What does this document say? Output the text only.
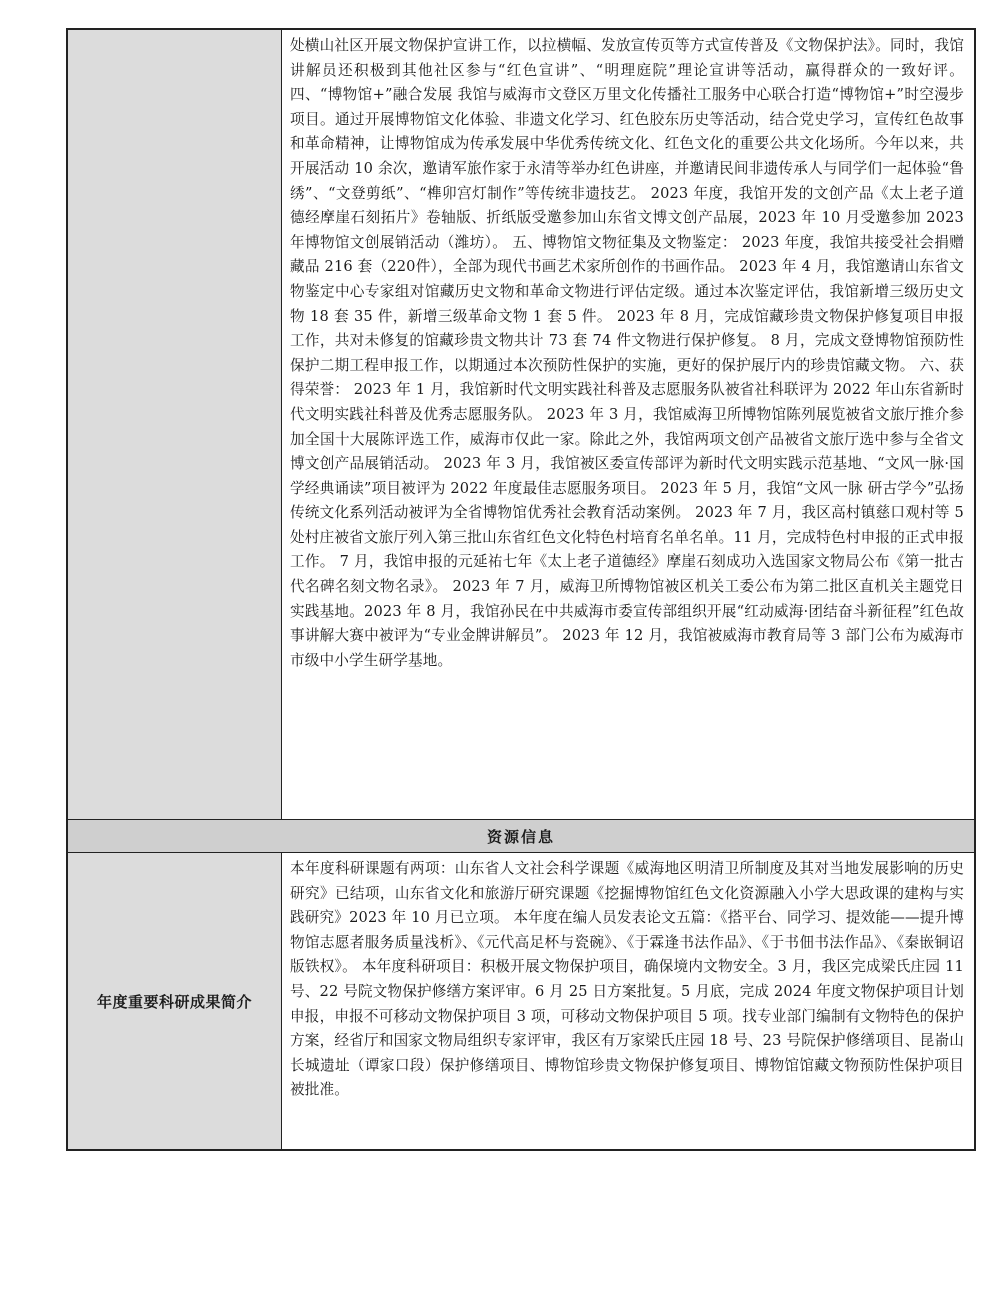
处横山社区开展文物保护宣讲工作，以拉横幅、发放宣传页等方式宣传普及《文物保护法》。同时，我馆讲解员还积极到其他社区参与“红色宣讲”、“明理庭院”理论宣讲等活动，赢得群众的一致好评。 四、“博物馆+”融合发展 我馆与威海市文登区万里文化传播社工服务中心联合打造“博物馆+”时空漫步项目。通过开展博物馆文化体验、非遗文化学习、红色胶东历史等活动，结合党史学习，宣传红色故事和革命精神，让博物馆成为传承发展中华优秀传统文化、红色文化的重要公共文化场所。今年以来，共开展活动 10 余次，邀请军旅作家于永清等举办红色讲座，并邀请民间非遗传承人与同学们一起体验“鲁绣”、“文登剪纸”、“榫卯宫灯制作”等传统非遗技艺。 2023 年度，我馆开发的文创产品《太上老子道德经摩崖石刻拓片》卷轴版、折纸版受邀参加山东省文博文创产品展，2023 年 10 月受邀参加 2023 年博物馆文创展销活动（潍坊）。 五、博物馆文物征集及文物鉴定： 2023 年度，我馆共接受社会捐赠藏品 216 套（220件），全部为现代书画艺术家所创作的书画作品。 2023 年 4 月，我馆邀请山东省文物鉴定中心专家组对馆藏历史文物和革命文物进行评估定级。通过本次鉴定评估，我馆新增三级历史文物 18 套 35 件，新增三级革命文物 1 套 5 件。 2023 年 8 月，完成馆藏珍贵文物保护修复项目申报工作，共对未修复的馆藏珍贵文物共计 73 套 74 件文物进行保护修复。 8 月，完成文登博物馆预防性保护二期工程申报工作，以期通过本次预防性保护的实施，更好的保护展厅内的珍贵馆藏文物。 六、获得荣誉： 2023 年 1 月，我馆新时代文明实践社科普及志愿服务队被省社科联评为 2022 年山东省新时代文明实践社科普及优秀志愿服务队。 2023 年 3 月，我馆威海卫所博物馆陈列展览被省文旅厅推介参加全国十大展陈评选工作，威海市仅此一家。除此之外，我馆两项文创产品被省文旅厅选中参与全省文博文创产品展销活动。 2023 年 3 月，我馆被区委宣传部评为新时代文明实践示范基地、“文风一脉·国学经典诵读”项目被评为 2022 年度最佳志愿服务项目。 2023 年 5 月，我馆“文风一脉 研古学今”弘扬传统文化系列活动被评为全省博物馆优秀社会教育活动案例。 2023 年 7 月，我区高村镇慈口观村等 5 处村庄被省文旅厅列入第三批山东省红色文化特色村培育名单名单。11 月，完成特色村申报的正式申报工作。 7 月，我馆申报的元延祐七年《太上老子道德经》摩崖石刻成功入选国家文物局公布《第一批古代名碑名刻文物名录》。 2023 年 7 月，威海卫所博物馆被区机关工委公布为第二批区直机关主题党日实践基地。2023 年 8 月，我馆孙民在中共威海市委宣传部组织开展“红动威海·团结奋斗新征程”红色故事讲解大赛中被评为“专业金牌讲解员”。 2023 年 12 月，我馆被威海市教育局等 3 部门公布为威海市市级中小学生研学基地。
资源信息
年度重要科研成果简介
本年度科研课题有两项：山东省人文社会科学课题《威海地区明清卫所制度及其对当地发展影响的历史研究》已结项，山东省文化和旅游厅研究课题《挖掘博物馆红色文化资源融入小学大思政课的建构与实践研究》2023 年 10 月已立项。 本年度在编人员发表论文五篇：《搭平台、同学习、提效能——提升博物馆志愿者服务质量浅析》、《元代高足杯与瓷碗》、《于霖逢书法作品》、《于书佃书法作品》、《秦嵌铜诏版铁权》。 本年度科研项目：积极开展文物保护项目，确保境内文物安全。3 月，我区完成梁氏庄园 11 号、22 号院文物保护修缮方案评审。6 月 25 日方案批复。5 月底，完成 2024 年度文物保护项目计划申报，申报不可移动文物保护项目 3 项，可移动文物保护项目 5 项。找专业部门编制有文物特色的保护方案，经省厅和国家文物局组织专家评审，我区有万家梁氏庄园 18 号、23 号院保护修缮项目、昆嵛山长城遗址（谭家口段）保护修缮项目、博物馆珍贵文物保护修复项目、博物馆馆藏文物预防性保护项目被批准。
